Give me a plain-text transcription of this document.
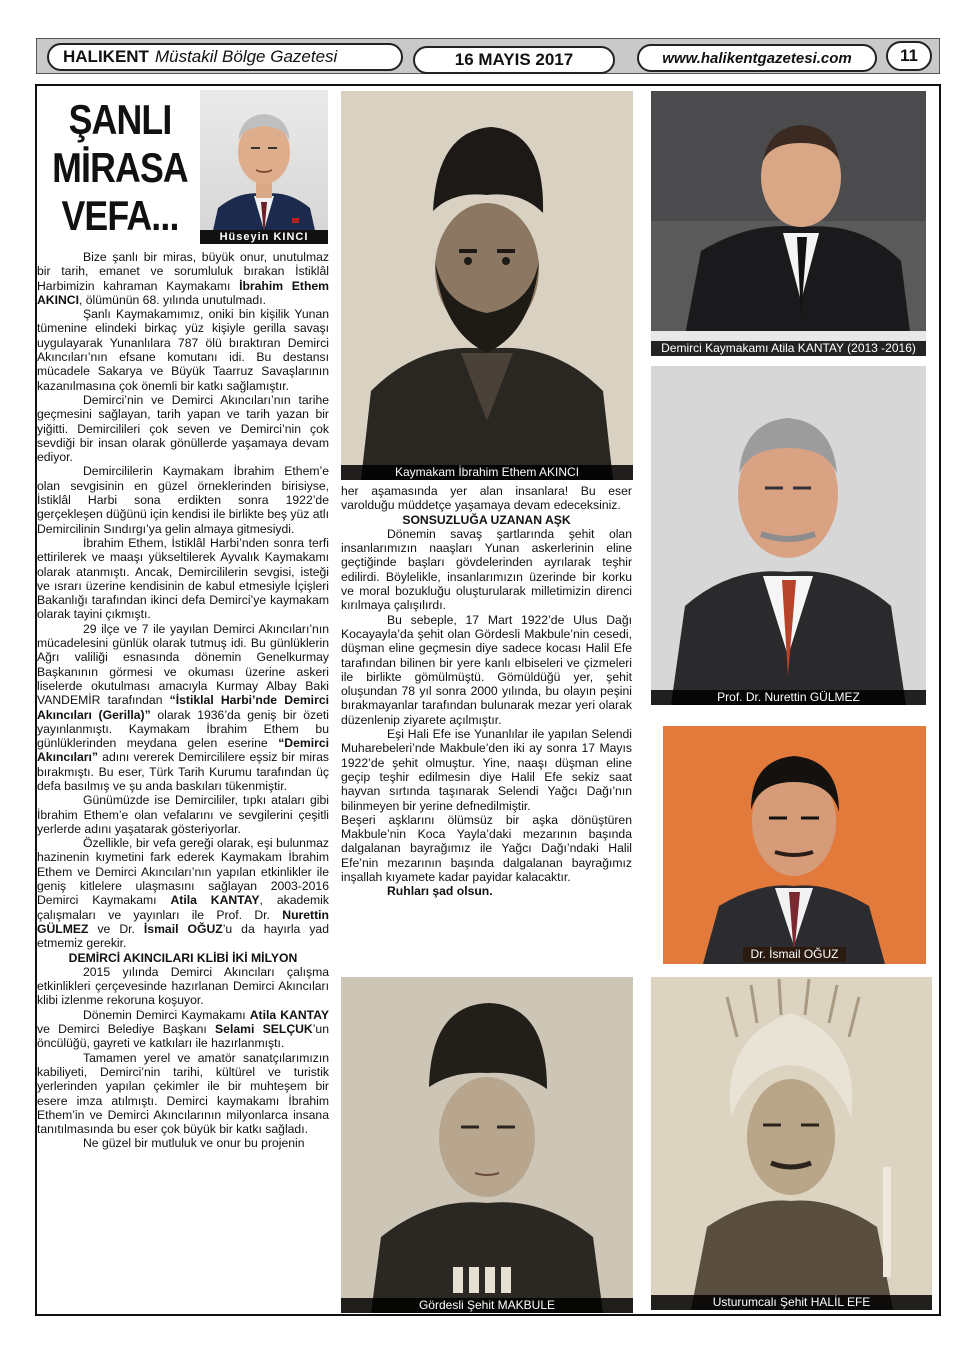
HALIKENT Müstakil Bölge Gazetesi	16 MAYIS 2017	www.halikentgazetesi.com	11
ŞANLI
MİRASA
VEFA...	Hüseyin KINCI

Bize şanlı bir miras, büyük onur, unutulmaz bir tarih, emanet ve sorumluluk bırakan İstiklâl Harbimizin kahraman Kaymakamı İbrahim Ethem AKINCI, ölümünün 68. yılında unutulmadı.

Şanlı Kaymakamımız, oniki bin kişilik Yunan tümenine elindeki birkaç yüz kişiyle gerilla savaşı uygulayarak Yunanlılara 787 ölü bıraktıran Demirci Akıncıları’nın efsane komutanı idi. Bu destansı mücadele Sakarya ve Büyük Taarruz Savaşlarının kazanılmasına çok önemli bir katkı sağlamıştır.

Demirci’nin ve Demirci Akıncıları’nın tarihe geçmesini sağlayan, tarih yapan ve tarih yazan bir yiğitti. Demircilileri çok seven ve Demirci’nin çok sevdiği bir insan olarak gönüllerde yaşamaya devam ediyor.

Demircililerin Kaymakam İbrahim Ethem’e olan sevgisinin en güzel örneklerinden birisiyse, İstiklâl Harbi sona erdikten sonra 1922’de gerçekleşen düğünü için kendisi ile birlikte beş yüz atlı Demircilinin Sındırgı’ya gelin almaya gitmesiydi.

İbrahim Ethem, İstiklâl Harbi’nden sonra terfi ettirilerek ve maaşı yükseltilerek Ayvalık Kaymakamı olarak atanmıştı. Ancak, Demircililerin sevgisi, isteği ve ısrarı üzerine kendisinin de kabul etmesiyle İçişleri Bakanlığı tarafından ikinci defa Demirci’ye kaymakam olarak tayini çıkmıştı.

29 ilçe ve 7 ile yayılan Demirci Akıncıları’nın mücadelesini günlük olarak tutmuş idi. Bu günlüklerin Ağrı valiliği esnasında dönemin Genelkurmay Başkanının görmesi ve okuması üzerine askeri liselerde okutulması amacıyla Kurmay Albay Baki VANDEMİR tarafından “İstiklal Harbi’nde Demirci Akıncıları (Gerilla)” olarak 1936’da geniş bir özeti yayınlanmıştı. Kaymakam İbrahim Ethem bu günlüklerinden meydana gelen eserine “Demirci Akıncıları” adını vererek Demircililere eşsiz bir miras bırakmıştı. Bu eser, Türk Tarih Kurumu tarafından üç defa basılmış ve şu anda baskıları tükenmiştir.

Günümüzde ise Demircililer, tıpkı ataları gibi İbrahim Ethem’e olan vefalarını ve sevgilerini çeşitli yerlerde adını yaşatarak gösteriyorlar.

Özellikle, bir vefa gereği olarak, eşi bulunmaz hazinenin kıymetini fark ederek Kaymakam İbrahim Ethem ve Demirci Akıncıları’nın yapılan etkinlikler ile geniş kitlelere ulaşmasını sağlayan 2003-2016 Demirci Kaymakamı Atila KANTAY, akademik çalışmaları ve yayınları ile Prof. Dr. Nurettin GÜLMEZ ve Dr. İsmail OĞUZ’u da hayırla yad etmemiz gerekir.

DEMİRCİ AKINCILARI KLİBİ İKİ MİLYON

2015 yılında Demirci Akıncıları çalışma etkinlikleri çerçevesinde hazırlanan Demirci Akıncıları klibi izlenme rekoruna koşuyor.

Dönemin Demirci Kaymakamı Atila KANTAY ve Demirci Belediye Başkanı Selami SELÇUK’un öncülüğü, gayreti ve katkıları ile hazırlanmıştı.

Tamamen yerel ve amatör sanatçılarımızın kabiliyeti, Demirci’nin tarihi, kültürel ve turistik yerlerinden yapılan çekimler ile bir muhteşem bir esere imza atılmıştı. Demirci kaymakamı İbrahim Ethem’in ve Demirci Akıncılarının milyonlarca insana tanıtılmasında bu eser çok büyük bir katkı sağladı.

Ne güzel bir mutluluk ve onur bu projenin

Kaymakam İbrahim Ethem AKINCI

her aşamasında yer alan insanlara! Bu eser varolduğu müddetçe yaşamaya devam edeceksiniz.

SONSUZLUĞA UZANAN AŞK

Dönemin savaş şartlarında şehit olan insanlarımızın naaşları Yunan askerlerinin eline geçtiğinde başları gövdelerinden ayrılarak teşhir edilirdi. Böylelikle, insanlarımızın üzerinde bir korku ve moral bozukluğu oluşturularak milletimizin direnci kırılmaya çalışılırdı.

Bu sebeple, 17 Mart 1922’de Ulus Dağı Kocayayla’da şehit olan Gördesli Makbule’nin cesedi, düşman eline geçmesin diye sadece kocası Halil Efe tarafından bilinen bir yere kanlı elbiseleri ve çizmeleri ile birlikte gömülmüştü. Gömüldüğü yer, şehit oluşundan 78 yıl sonra 2000 yılında, bu olayın peşini bırakmayanlar tarafından bulunarak mezar yeri olarak düzenlenip ziyarete açılmıştır.

Eşi Hali Efe ise Yunanlılar ile yapılan Selendi Muharebeleri’nde Makbule’den iki ay sonra 17 Mayıs 1922’de şehit olmuştur. Yine, naaşı düşman eline geçip teşhir edilmesin diye Halil Efe sekiz saat hayvan sırtında taşınarak Selendi Yağcı Dağı’nın bilinmeyen bir yerine defnedilmiştir.

Beşeri aşklarını ölümsüz bir aşka dönüştüren Makbule’nin Koca Yayla’daki mezarının başında dalgalanan bayrağımız ile Yağcı Dağı’ndaki Halil Efe’nin mezarının başında dalgalanan bayrağımız inşallah kıyamete kadar payidar kalacaktır.

Ruhları şad olsun.

Gördesli Şehit MAKBULE
Demirci Kaymakamı Atila KANTAY (2013 -2016)
Prof. Dr. Nurettin GÜLMEZ
Dr. İsmail OĞUZ
Usturumcalı Şehit HALİL EFE
